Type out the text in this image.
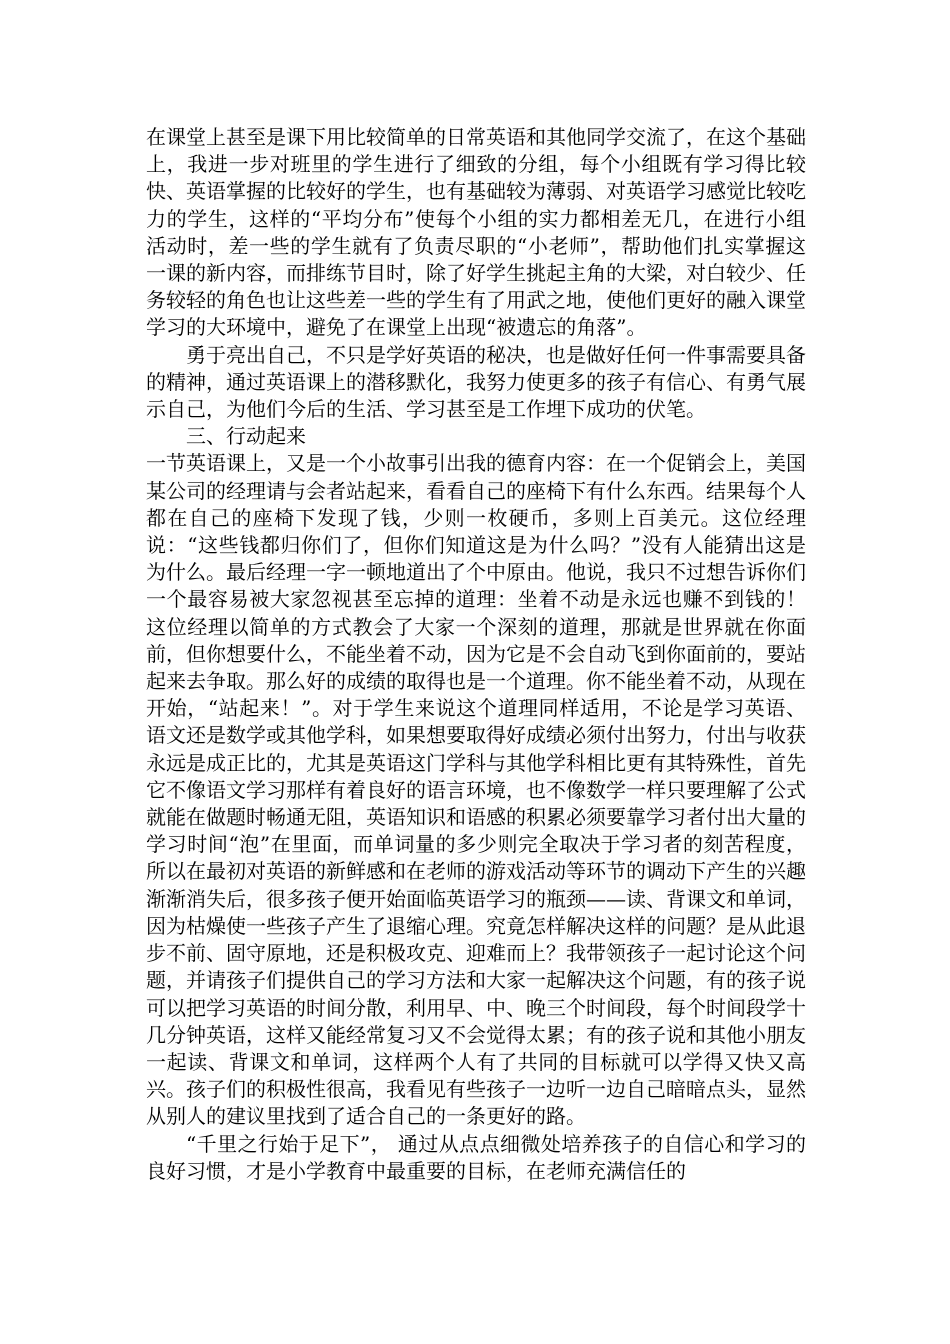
在课堂上甚至是课下用比较简单的日常英语和其他同学交流了，在这个基础上，我进一步对班里的学生进行了细致的分组，每个小组既有学习得比较快、英语掌握的比较好的学生，也有基础较为薄弱、对英语学习感觉比较吃力的学生，这样的“平均分布”使每个小组的实力都相差无几，在进行小组活动时，差一些的学生就有了负责尽职的“小老师”，帮助他们扎实掌握这一课的新内容，而排练节目时，除了好学生挑起主角的大梁，对白较少、任务较轻的角色也让这些差一些的学生有了用武之地，使他们更好的融入课堂学习的大环境中，避免了在课堂上出现“被遗忘的角落”。

勇于亮出自己，不只是学好英语的秘决，也是做好任何一件事需要具备的精神，通过英语课上的潜移默化，我努力使更多的孩子有信心、有勇气展示自己，为他们今后的生活、学习甚至是工作埋下成功的伏笔。

三、行动起来

一节英语课上，又是一个小故事引出我的德育内容：在一个促销会上，美国某公司的经理请与会者站起来，看看自己的座椅下有什么东西。结果每个人都在自己的座椅下发现了钱，少则一枚硬币，多则上百美元。这位经理说：“这些钱都归你们了，但你们知道这是为什么吗？”没有人能猜出这是为什么。最后经理一字一顿地道出了个中原由。他说，我只不过想告诉你们一个最容易被大家忽视甚至忘掉的道理：坐着不动是永远也赚不到钱的！ 这位经理以简单的方式教会了大家一个深刻的道理，那就是世界就在你面前，但你想要什么，不能坐着不动，因为它是不会自动飞到你面前的，要站起来去争取。那么好的成绩的取得也是一个道理。你不能坐着不动，从现在开始，“站起来！”。对于学生来说这个道理同样适用，不论是学习英语、语文还是数学或其他学科，如果想要取得好成绩必须付出努力，付出与收获永远是成正比的，尤其是英语这门学科与其他学科相比更有其特殊性，首先它不像语文学习那样有着良好的语言环境，也不像数学一样只要理解了公式就能在做题时畅通无阻，英语知识和语感的积累必须要靠学习者付出大量的学习时间“泡”在里面，而单词量的多少则完全取决于学习者的刻苦程度，所以在最初对英语的新鲜感和在老师的游戏活动等环节的调动下产生的兴趣渐渐消失后，很多孩子便开始面临英语学习的瓶颈——读、背课文和单词，因为枯燥使一些孩子产生了退缩心理。究竟怎样解决这样的问题？是从此退步不前、固守原地，还是积极攻克、迎难而上？我带领孩子一起讨论这个问题，并请孩子们提供自己的学习方法和大家一起解决这个问题，有的孩子说可以把学习英语的时间分散，利用早、中、晚三个时间段，每个时间段学十几分钟英语，这样又能经常复习又不会觉得太累；有的孩子说和其他小朋友一起读、背课文和单词，这样两个人有了共同的目标就可以学得又快又高兴。孩子们的积极性很高，我看见有些孩子一边听一边自己暗暗点头，显然从别人的建议里找到了适合自己的一条更好的路。

“千里之行始于足下”， 通过从点点细微处培养孩子的自信心和学习的良好习惯，才是小学教育中最重要的目标，在老师充满信任的
